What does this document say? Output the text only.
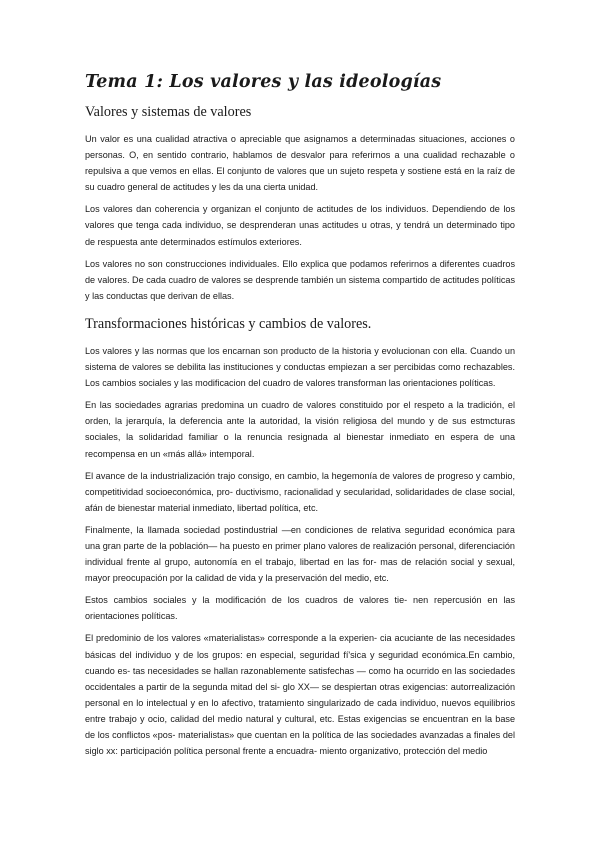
Tema 1: Los valores y las ideologías
Valores y sistemas de valores

Un valor es una cualidad atractiva o apreciable que asignamos a determinadas situaciones, acciones o personas. O, en sentido contrario, hablamos de desvalor para referirnos a una cualidad rechazable o repulsiva a que vemos en ellas. El conjunto de valores que un sujeto respeta y sostiene está en la raíz de su cuadro general de actitudes y les da una cierta unidad.

Los valores dan coherencia y organizan el conjunto de actitudes de los individuos. Dependiendo de los valores que tenga cada individuo, se desprenderan unas actitudes u otras, y tendrá un determinado tipo de respuesta ante determinados estímulos exteriores.

Los valores no son construcciones individuales. Ello explica que podamos referirnos a diferentes cuadros de valores. De cada cuadro de valores se desprende también un sistema compartido de actitudes políticas y las conductas que derivan de ellas.

Transformaciones históricas y cambios de valores.

Los valores y las normas que los encarnan son producto de la historia y evolucionan con ella. Cuando un sistema de valores se debilita las instituciones y conductas empiezan a ser percibidas como rechazables. Los cambios sociales y las modificacion del cuadro de valores transforman las orientaciones políticas.

En las sociedades agrarias predomina un cuadro de valores constituido por el respeto a la tradición, el orden, la jerarquía, la deferencia ante la autoridad, la visión religiosa del mundo y de sus estmcturas sociales, la solidaridad familiar o la renuncia resignada al bienestar inmediato en espera de una recompensa en un «más allá» intemporal.

El avance de la industrialización trajo consigo, en cambio, la hegemonía de valores de progreso y cambio, competitividad socioeconómica, pro- ductivismo, racionalidad y secularidad, solidaridades de clase social, afán de bienestar material inmediato, libertad política, etc.

Finalmente, la llamada sociedad postindustrial —en condiciones de relativa seguridad económica para una gran parte de la población— ha puesto en primer plano valores de realización personal, diferenciación individual frente al grupo, autonomía en el trabajo, libertad en las for- mas de relación social y sexual, mayor preocupación por la calidad de vida y la preservación del medio, etc.

Estos cambios sociales y la modificación de los cuadros de valores tie- nen repercusión en las orientaciones políticas.

El predominio de los valores «materialistas» corresponde a la experien- cia acuciante de las necesidades básicas del individuo y de los grupos: en especial, seguridad fí'sica y seguridad económica.En cambio, cuando es- tas necesidades se hallan razonablemente satisfechas — como ha ocurrido en las sociedades occidentales a partir de la segunda mitad del si- glo XX— se despiertan otras exigencias: autorrealización personal en lo intelectual y en lo afectivo, tratamiento singularizado de cada individuo, nuevos equilibrios entre trabajo y ocio, calidad del medio natural y cultural, etc. Estas exigencias se encuentran en la base de los conflictos «pos- materialistas» que cuentan en la política de las sociedades avanzadas a finales del siglo xx: participación política personal frente a encuadra- miento organizativo, protección del medio
